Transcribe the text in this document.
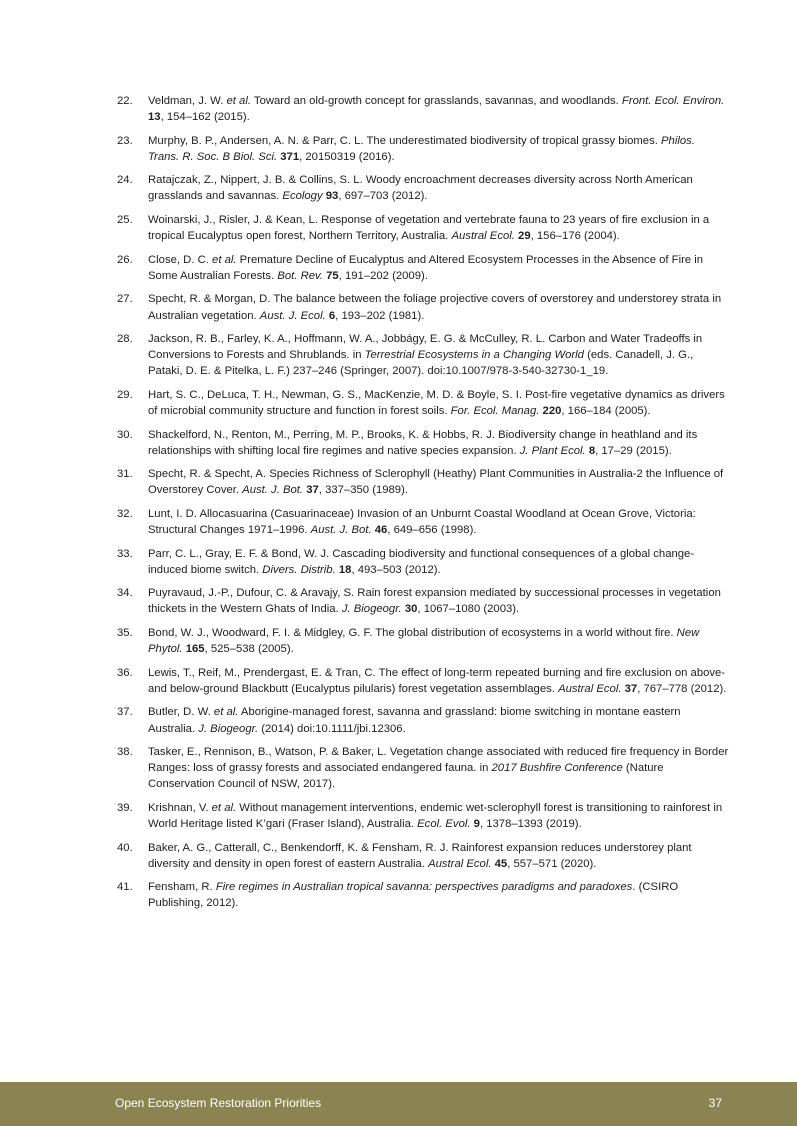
22.	Veldman, J. W. et al. Toward an old-growth concept for grasslands, savannas, and woodlands. Front. Ecol. Environ. 13, 154–162 (2015).
23.	Murphy, B. P., Andersen, A. N. & Parr, C. L. The underestimated biodiversity of tropical grassy biomes. Philos. Trans. R. Soc. B Biol. Sci. 371, 20150319 (2016).
24.	Ratajczak, Z., Nippert, J. B. & Collins, S. L. Woody encroachment decreases diversity across North American grasslands and savannas. Ecology 93, 697–703 (2012).
25.	Woinarski, J., Risler, J. & Kean, L. Response of vegetation and vertebrate fauna to 23 years of fire exclusion in a tropical Eucalyptus open forest, Northern Territory, Australia. Austral Ecol. 29, 156–176 (2004).
26.	Close, D. C. et al. Premature Decline of Eucalyptus and Altered Ecosystem Processes in the Absence of Fire in Some Australian Forests. Bot. Rev. 75, 191–202 (2009).
27.	Specht, R. & Morgan, D. The balance between the foliage projective covers of overstorey and understorey strata in Australian vegetation. Aust. J. Ecol. 6, 193–202 (1981).
28.	Jackson, R. B., Farley, K. A., Hoffmann, W. A., Jobbágy, E. G. & McCulley, R. L. Carbon and Water Tradeoffs in Conversions to Forests and Shrublands. in Terrestrial Ecosystems in a Changing World (eds. Canadell, J. G., Pataki, D. E. & Pitelka, L. F.) 237–246 (Springer, 2007). doi:10.1007/978-3-540-32730-1_19.
29.	Hart, S. C., DeLuca, T. H., Newman, G. S., MacKenzie, M. D. & Boyle, S. I. Post-fire vegetative dynamics as drivers of microbial community structure and function in forest soils. For. Ecol. Manag. 220, 166–184 (2005).
30.	Shackelford, N., Renton, M., Perring, M. P., Brooks, K. & Hobbs, R. J. Biodiversity change in heathland and its relationships with shifting local fire regimes and native species expansion. J. Plant Ecol. 8, 17–29 (2015).
31.	Specht, R. & Specht, A. Species Richness of Sclerophyll (Heathy) Plant Communities in Australia‐2 the Influence of Overstorey Cover. Aust. J. Bot. 37, 337–350 (1989).
32.	Lunt, I. D. Allocasuarina (Casuarinaceae) Invasion of an Unburnt Coastal Woodland at Ocean Grove, Victoria: Structural Changes 1971–1996. Aust. J. Bot. 46, 649–656 (1998).
33.	Parr, C. L., Gray, E. F. & Bond, W. J. Cascading biodiversity and functional consequences of a global change-induced biome switch. Divers. Distrib. 18, 493–503 (2012).
34.	Puyravaud, J.-P., Dufour, C. & Aravajy, S. Rain forest expansion mediated by successional processes in vegetation thickets in the Western Ghats of India. J. Biogeogr. 30, 1067–1080 (2003).
35.	Bond, W. J., Woodward, F. I. & Midgley, G. F. The global distribution of ecosystems in a world without fire. New Phytol. 165, 525–538 (2005).
36.	Lewis, T., Reif, M., Prendergast, E. & Tran, C. The effect of long-term repeated burning and fire exclusion on above- and below-ground Blackbutt (Eucalyptus pilularis) forest vegetation assemblages. Austral Ecol. 37, 767–778 (2012).
37.	Butler, D. W. et al. Aborigine-managed forest, savanna and grassland: biome switching in montane eastern Australia. J. Biogeogr. (2014) doi:10.1111/jbi.12306.
38.	Tasker, E., Rennison, B., Watson, P. & Baker, L. Vegetation change associated with reduced fire frequency in Border Ranges: loss of grassy forests and associated endangered fauna. in 2017 Bushfire Conference (Nature Conservation Council of NSW, 2017).
39.	Krishnan, V. et al. Without management interventions, endemic wet-sclerophyll forest is transitioning to rainforest in World Heritage listed K’gari (Fraser Island), Australia. Ecol. Evol. 9, 1378–1393 (2019).
40.	Baker, A. G., Catterall, C., Benkendorff, K. & Fensham, R. J. Rainforest expansion reduces understorey plant diversity and density in open forest of eastern Australia. Austral Ecol. 45, 557–571 (2020).
41.	Fensham, R. Fire regimes in Australian tropical savanna: perspectives paradigms and paradoxes. (CSIRO Publishing, 2012).
Open Ecosystem Restoration Priorities	37
